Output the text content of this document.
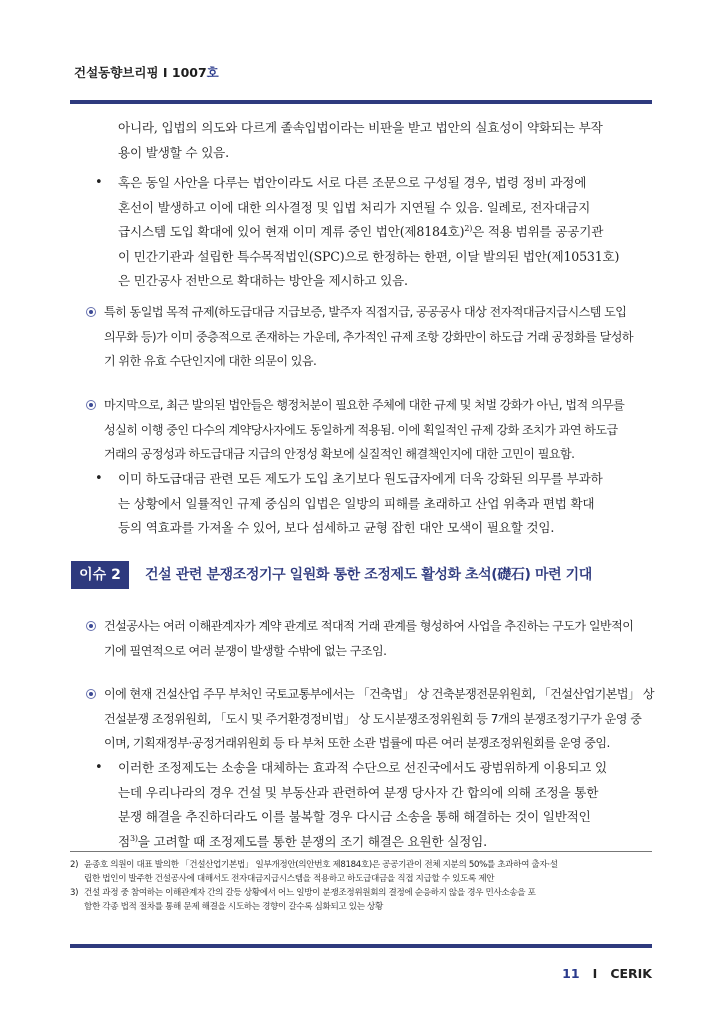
건설동향브리핑 Ι 1007호
아니라, 입법의 의도와 다르게 졸속입법이라는 비판을 받고 법안의 실효성이 약화되는 부작
용이 발생할 수 있음.
• 혹은 동일 사안을 다루는 법안이라도 서로 다른 조문으로 구성될 경우, 법령 정비 과정에
혼선이 발생하고 이에 대한 의사결정 및 입법 처리가 지연될 수 있음. 일례로, 전자대금지
급시스템 도입 확대에 있어 현재 이미 계류 중인 법안(제8184호)$^{2)}$은 적용 범위를 공공기관
이 민간기관과 설립한 특수목적법인(SPC)으로 한정하는 한편, 이달 발의된 법안(제10531호)
은 민간공사 전반으로 확대하는 방안을 제시하고 있음.
특히 동일법 목적 규제(하도급대금 지급보증, 발주자 직접지급, 공공공사 대상 전자적대금지급시스템 도입
의무화 등)가 이미 중층적으로 존재하는 가운데, 추가적인 규제 조항 강화만이 하도급 거래 공정화를 달성하
기 위한 유효 수단인지에 대한 의문이 있음.
마지막으로, 최근 발의된 법안들은 행정처분이 필요한 주체에 대한 규제 및 처벌 강화가 아닌, 법적 의무를
성실히 이행 중인 다수의 계약당사자에도 동일하게 적용됨. 이에 획일적인 규제 강화 조치가 과연 하도급
거래의 공정성과 하도급대금 지급의 안정성 확보에 실질적인 해결책인지에 대한 고민이 필요함.
• 이미 하도급대금 관련 모든 제도가 도입 초기보다 원도급자에게 더욱 강화된 의무를 부과하
는 상황에서 일률적인 규제 중심의 입법은 일방의 피해를 초래하고 산업 위축과 편법 확대
등의 역효과를 가져올 수 있어, 보다 섬세하고 균형 잡힌 대안 모색이 필요할 것임.
이슈 2	건설 관련 분쟁조정기구 일원화 통한 조정제도 활성화 초석(礎石) 마련 기대
건설공사는 여러 이해관계자가 계약 관계로 적대적 거래 관계를 형성하여 사업을 추진하는 구도가 일반적이
기에 필연적으로 여러 분쟁이 발생할 수밖에 없는 구조임.
이에 현재 건설산업 주무 부처인 국토교통부에서는 「건축법」 상 건축분쟁전문위원회, 「건설산업기본법」 상
건설분쟁 조정위원회, 「도시 및 주거환경정비법」 상 도시분쟁조정위원회 등 7개의 분쟁조정기구가 운영 중
이며, 기획재정부·공정거래위원회 등 타 부처 또한 소관 법률에 따른 여러 분쟁조정위원회를 운영 중임.
• 이러한 조정제도는 소송을 대체하는 효과적 수단으로 선진국에서도 광범위하게 이용되고 있
는데 우리나라의 경우 건설 및 부동산과 관련하여 분쟁 당사자 간 합의에 의해 조정을 통한
분쟁 해결을 추진하더라도 이를 불복할 경우 다시금 소송을 통해 해결하는 것이 일반적인
점$^{3)}$을 고려할 때 조정제도를 통한 분쟁의 조기 해결은 요원한 실정임.
2) 윤종호 의원이 대표 발의한 「건설산업기본법」 일부개정안(의안번호 제8184호)은 공공기관이 전체 지분의 50%를 초과하여 출자·설
립한 법인이 발주한 건설공사에 대해서도 전자대금지급시스템을 적용하고 하도급대금을 직접 지급할 수 있도록 제안
3) 건설 과정 중 참여하는 이해관계자 간의 갈등 상황에서 어느 일방이 분쟁조정위원회의 결정에 순응하지 않을 경우 민사소송을 포
함한 각종 법적 절차를 통해 문제 해결을 시도하는 경향이 갈수록 심화되고 있는 상황
11 Ι CERIK
